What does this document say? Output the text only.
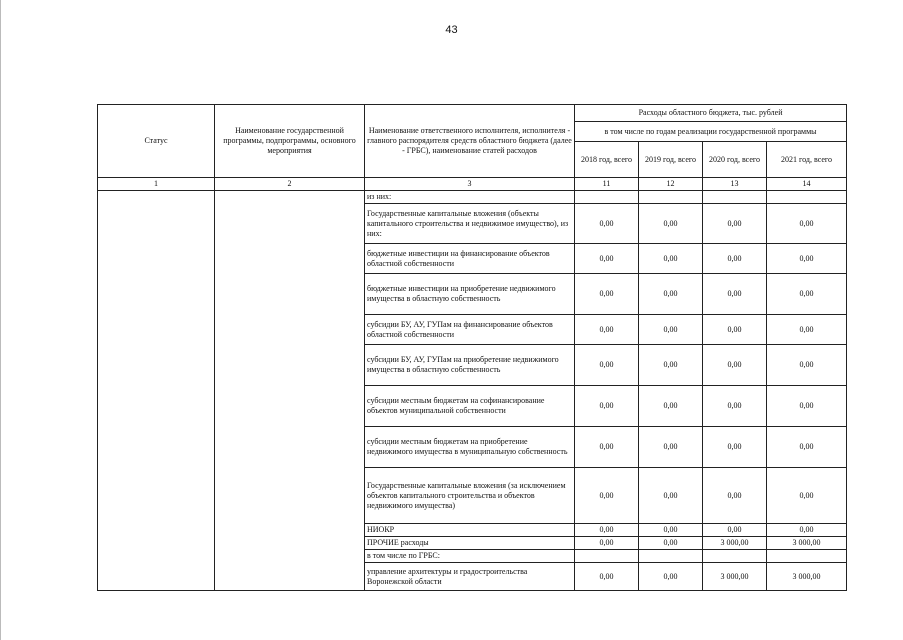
43
Статус	Наименование государственной программы, подпрограммы, основного мероприятия	Наименование ответственного исполнителя, исполнителя - главного распорядителя средств областного бюджета (далее - ГРБС), наименование статей расходов	Расходы областного бюджета, тыс. рублей			
			в том числе по годам реализации государственной программы			
			2018 год, всего	2019 год, всего	2020 год, всего	2021 год, всего
1	2	3	11	12	13	14
		из них:				
		Государственные капитальные вложения (объекты капитального строительства и недвижимое имущество), из них:	0,00	0,00	0,00	0,00
		бюджетные инвестиции на финансирование объектов областной собственности	0,00	0,00	0,00	0,00
		бюджетные инвестиции на приобретение недвижимого имущества в областную собственность	0,00	0,00	0,00	0,00
		субсидии БУ, АУ, ГУПам на финансирование объектов областной собственности	0,00	0,00	0,00	0,00
		субсидии БУ, АУ, ГУПам на приобретение недвижимого имущества в областную собственность	0,00	0,00	0,00	0,00
		субсидии местным бюджетам на софинансирование объектов муниципальной собственности	0,00	0,00	0,00	0,00
		субсидии местным бюджетам на приобретение недвижимого имущества в муниципальную собственность	0,00	0,00	0,00	0,00
		Государственные капитальные вложения (за исключением объектов капитального строительства и объектов недвижимого имущества)	0,00	0,00	0,00	0,00
		НИОКР	0,00	0,00	0,00	0,00
		ПРОЧИЕ расходы	0,00	0,00	3 000,00	3 000,00
		в том числе по ГРБС:				
		управление архитектуры и градостроительства Воронежской области	0,00	0,00	3 000,00	3 000,00
